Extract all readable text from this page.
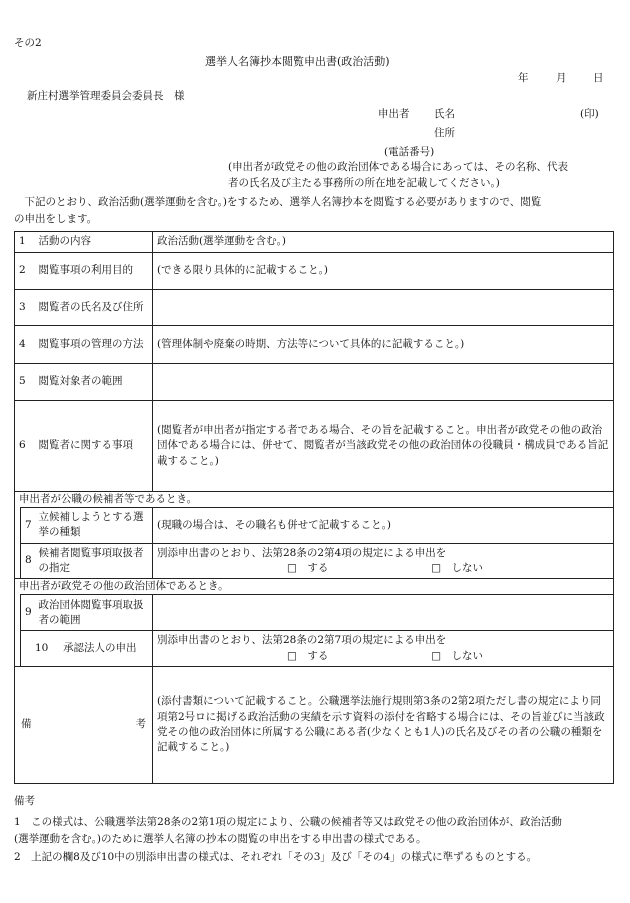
その2
選挙人名簿抄本閲覧申出書(政治活動)
年	月	日
新庄村選挙管理委員会委員長　様
申出者 氏名	(印)
住所
(電話番号)
(申出者が政党その他の政治団体である場合にあっては、その名称、代表
者の氏名及び主たる事務所の所在地を記載してください。)
　下記のとおり、政治活動(選挙運動を含む。)をするため、選挙人名簿抄本を閲覧する必要がありますので、閲覧
の申出をします。
1		活動の内容	政治活動(選挙運動を含む。)
2		閲覧事項の利用目的	(できる限り具体的に記載すること。)
3		閲覧者の氏名及び住所	
4		閲覧事項の管理の方法	(管理体制や廃棄の時期、方法等について具体的に記載すること。)
5		閲覧対象者の範囲	
6		閲覧者に関する事項	(閲覧者が申出者が指定する者である場合、その旨を記載すること。申出者が政党その他の政治団体である場合には、併せて、閲覧者が当該政党その他の政治団体の役職員・構成員である旨記載すること。)
申出者が公職の候補者等であるとき。			
	7	立候補しようとする選挙の種類	(現職の場合は、その職名も併せて記載すること。)
	8	候補者閲覧事項取扱者の指定	別添申出書のとおり、法第28条の2第4項の規定による申出を
□　する □　しない

申出者が政党その他の政治団体であるとき。			
	9	政治団体閲覧事項取扱者の範囲	
	10 承認法人の申出		別添申出書のとおり、法第28条の2第7項の規定による申出を
□　する □　しない

備 考			(添付書類について記載すること。公職選挙法施行規則第3条の2第2項ただし書の規定により同項第2号ロに掲げる政治活動の実績を示す資料の添付を省略する場合には、その旨並びに当該政党その他の政治団体に所属する公職にある者(少なくとも1人)の氏名及びその者の公職の種類を記載すること。)
備考
1　この様式は、公職選挙法第28条の2第1項の規定により、公職の候補者等又は政党その他の政治団体が、政治活動
(選挙運動を含む。)のために選挙人名簿の抄本の閲覧の申出をする申出書の様式である。
2　上記の欄8及び10中の別添申出書の様式は、それぞれ「その3」及び「その4」の様式に準ずるものとする。
